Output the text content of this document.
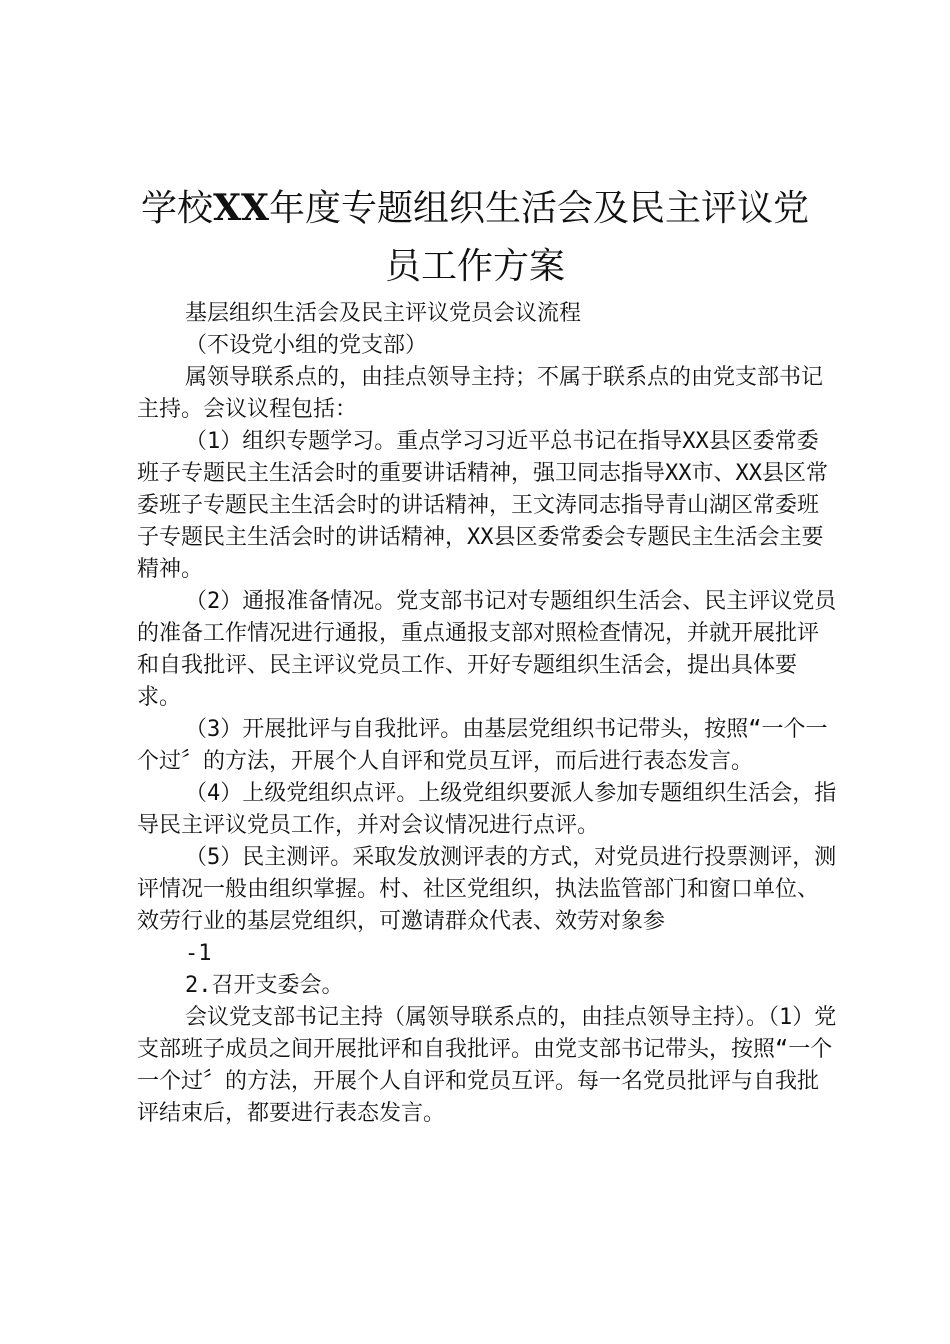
学校XX年度专题组织生活会及民主评议党
员工作方案

基层组织生活会及民主评议党员会议流程

（不设党小组的党支部）

属领导联系点的，由挂点领导主持；不属于联系点的由党支部书记主持。会议议程包括：

（1）组织专题学习。重点学习习近平总书记在指导XX县区委常委班子专题民主生活会时的重要讲话精神，强卫同志指导XX市、XX县区常委班子专题民主生活会时的讲话精神，王文涛同志指导青山湖区常委班子专题民主生活会时的讲话精神，XX县区委常委会专题民主生活会主要精神。

（2）通报准备情况。党支部书记对专题组织生活会、民主评议党员的准备工作情况进行通报，重点通报支部对照检查情况，并就开展批评和自我批评、民主评议党员工作、开好专题组织生活会，提出具体要求。

（3）开展批评与自我批评。由基层党组织书记带头，按照“一个一个过〞的方法，开展个人自评和党员互评，而后进行表态发言。

（4）上级党组织点评。上级党组织要派人参加专题组织生活会，指导民主评议党员工作，并对会议情况进行点评。

（5）民主测评。采取发放测评表的方式，对党员进行投票测评，测评情况一般由组织掌握。村、社区党组织，执法监管部门和窗口单位、效劳行业的基层党组织，可邀请群众代表、效劳对象参

-1

2.召开支委会。

会议党支部书记主持（属领导联系点的，由挂点领导主持）。（1）党支部班子成员之间开展批评和自我批评。由党支部书记带头，按照“一个一个过〞的方法，开展个人自评和党员互评。每一名党员批评与自我批评结束后，都要进行表态发言。
